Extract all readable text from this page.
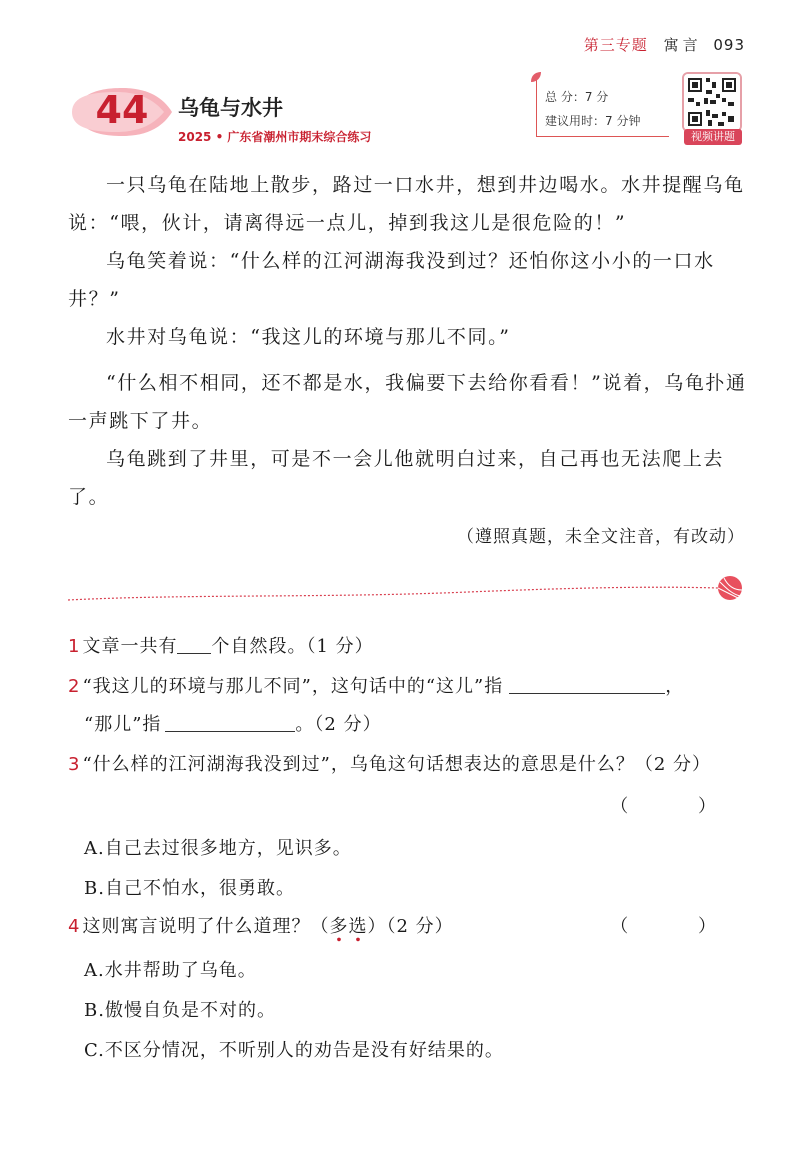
第三专题 寓言 093
44	乌龟与水井
2025 • 广东省潮州市期末综合练习
总 分：7 分
建议用时：7 分钟
视频讲题

一只乌龟在陆地上散步，路过一口水井，想到井边喝水。水井提醒乌龟说：“喂，伙计，请离得远一点儿，掉到我这儿是很危险的！”

乌龟笑着说：“什么样的江河湖海我没到过？还怕你这小小的一口水井？”

水井对乌龟说：“我这儿的环境与那儿不同。”

“什么相不相同，还不都是水，我偏要下去给你看看！”说着，乌龟扑通一声跳下了井。

乌龟跳到了井里，可是不一会儿他就明白过来，自己再也无法爬上去了。

（遵照真题，未全文注音，有改动）
1 文章一共有 个自然段。（1 分）
2 “我这儿的环境与那儿不同”，这句话中的“这儿”指	，
“那儿”指	。（2 分）
3 “什么样的江河湖海我没到过”，乌龟这句话想表达的意思是什么？（2 分）
（ ）
A.自己去过很多地方，见识多。
B.自己不怕水，很勇敢。
4 这则寓言说明了什么道理？（多选）（2 分）	（ ）
A.水井帮助了乌龟。
B.傲慢自负是不对的。
C.不区分情况，不听别人的劝告是没有好结果的。
